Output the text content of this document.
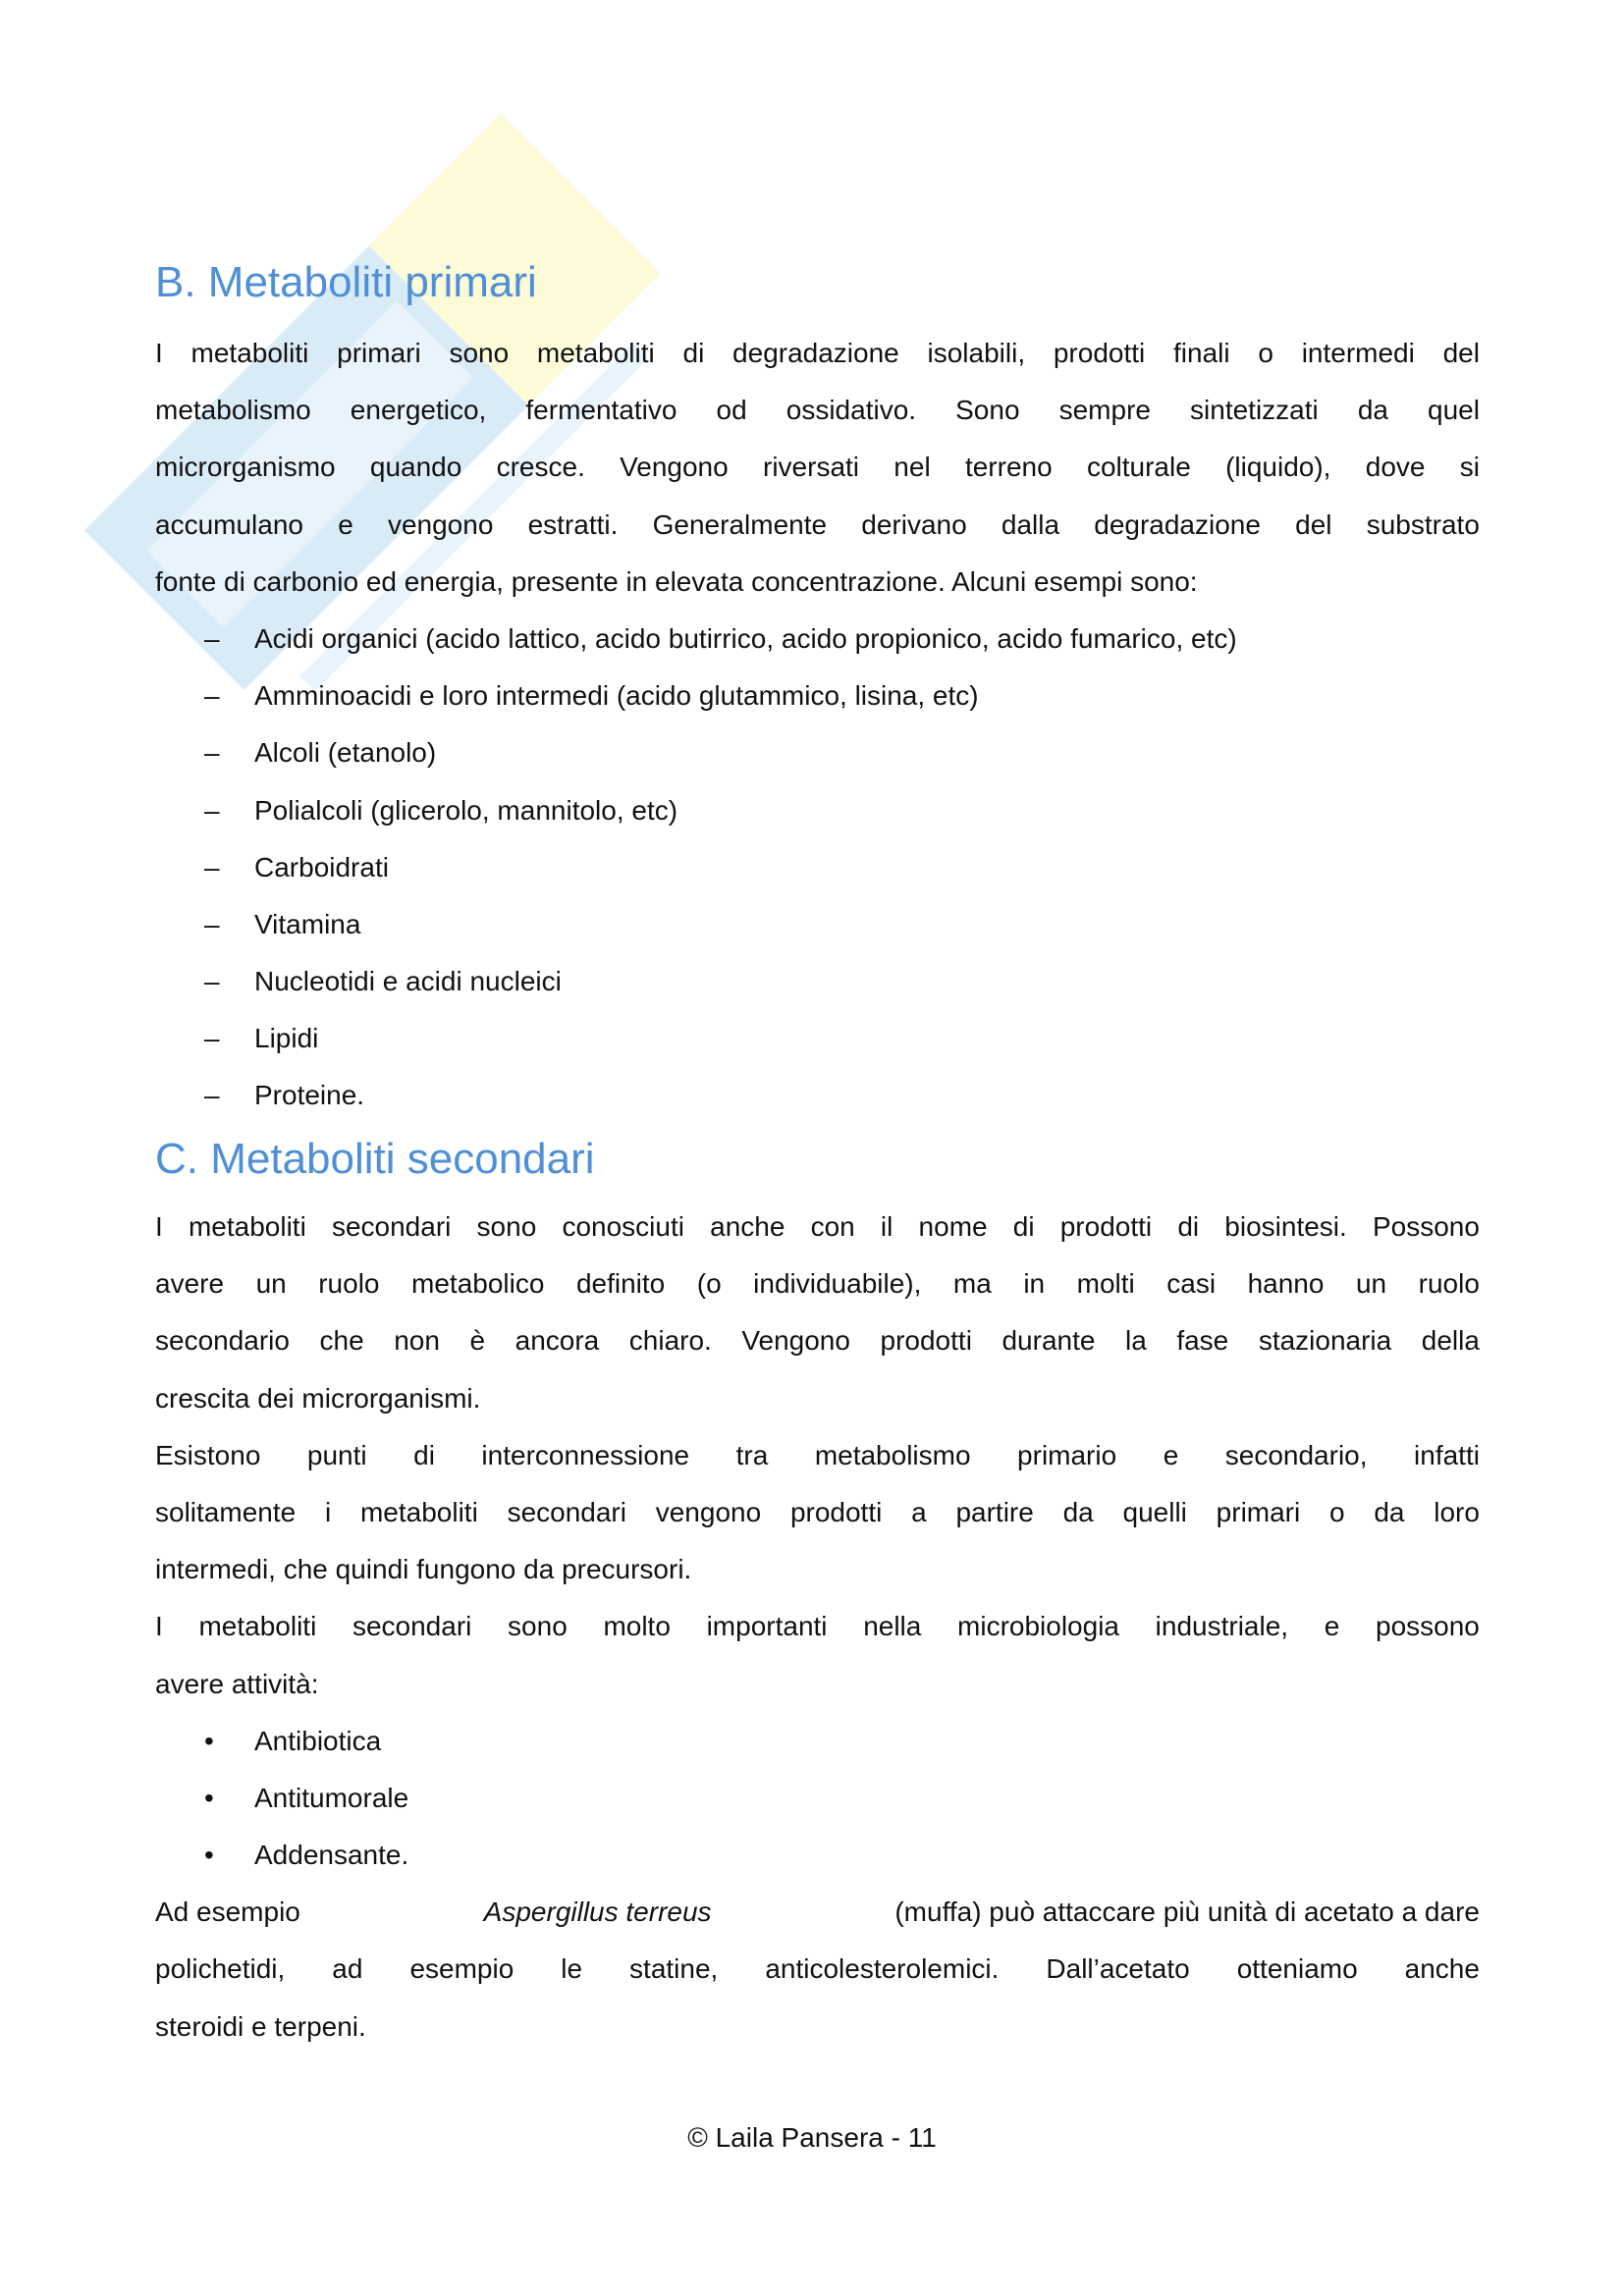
B. Metaboliti primari
I metaboliti primari sono metaboliti di degradazione isolabili, prodotti finali o intermedi del
metabolismo energetico, fermentativo od ossidativo. Sono sempre sintetizzati da quel
microrganismo quando cresce. Vengono riversati nel terreno colturale (liquido), dove si
accumulano e vengono estratti. Generalmente derivano dalla degradazione del substrato
fonte di carbonio ed energia, presente in elevata concentrazione. Alcuni esempi sono:
– Acidi organici (acido lattico, acido butirrico, acido propionico, acido fumarico, etc)
– Amminoacidi e loro intermedi (acido glutammico, lisina, etc)
– Alcoli (etanolo)
– Polialcoli (glicerolo, mannitolo, etc)
– Carboidrati
– Vitamina
– Nucleotidi e acidi nucleici
– Lipidi
– Proteine.
C. Metaboliti secondari
I metaboliti secondari sono conosciuti anche con il nome di prodotti di biosintesi. Possono
avere un ruolo metabolico definito (o individuabile), ma in molti casi hanno un ruolo
secondario che non è ancora chiaro. Vengono prodotti durante la fase stazionaria della
crescita dei microrganismi.
Esistono punti di interconnessione tra metabolismo primario e secondario, infatti
solitamente i metaboliti secondari vengono prodotti a partire da quelli primari o da loro
intermedi, che quindi fungono da precursori.
I metaboliti secondari sono molto importanti nella microbiologia industriale, e possono
avere attività:
• Antibiotica
• Antitumorale
• Addensante.
Ad esempio	Aspergillus terreus	(muffa) può attaccare più unità di acetato a dare
polichetidi, ad esempio le statine, anticolesterolemici. Dall’acetato otteniamo anche
steroidi e terpeni.
© Laila Pansera - 11
